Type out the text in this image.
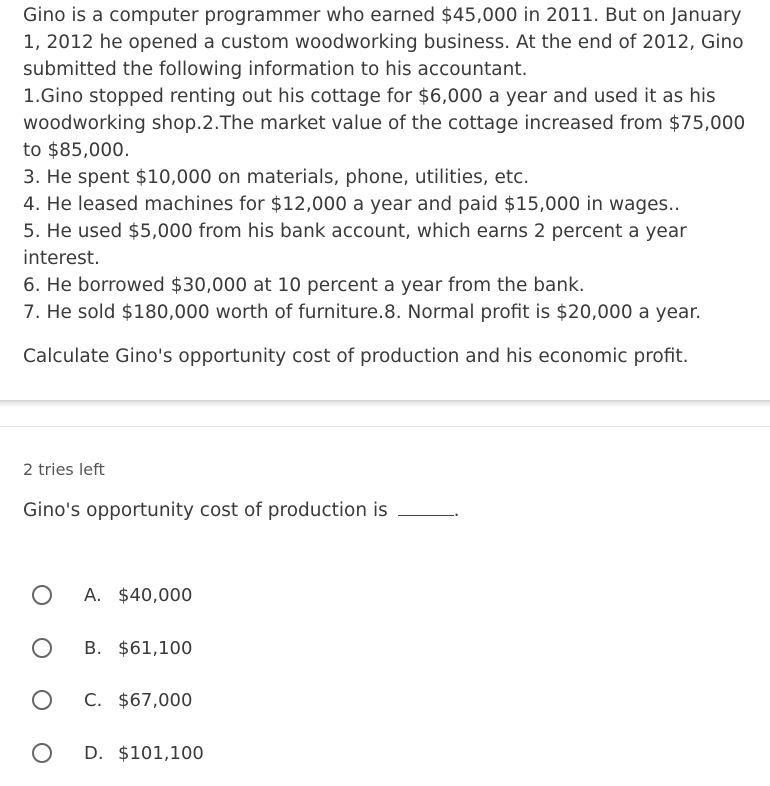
Gino is a computer programmer who earned $45,000 in 2011. But on January 1, 2012 he opened a custom woodworking business. At the end of 2012, Gino submitted the following information to his accountant.

1.Gino stopped renting out his cottage for $6,000 a year and used it as his woodworking shop.2.The market value of the cottage increased from $75,000 to $85,000.

3. He spent $10,000 on materials, phone, utilities, etc.

4. He leased machines for $12,000 a year and paid $15,000 in wages..

5. He used $5,000 from his bank account, which earns 2 percent a year interest.

6. He borrowed $30,000 at 10 percent a year from the bank.

7. He sold $180,000 worth of furniture.8. Normal profit is $20,000 a year.

Calculate Gino's opportunity cost of production and his economic profit.

2 tries left
Gino's opportunity cost of production is	.
A. $40,000
B. $61,100
C. $67,000
D. $101,100
